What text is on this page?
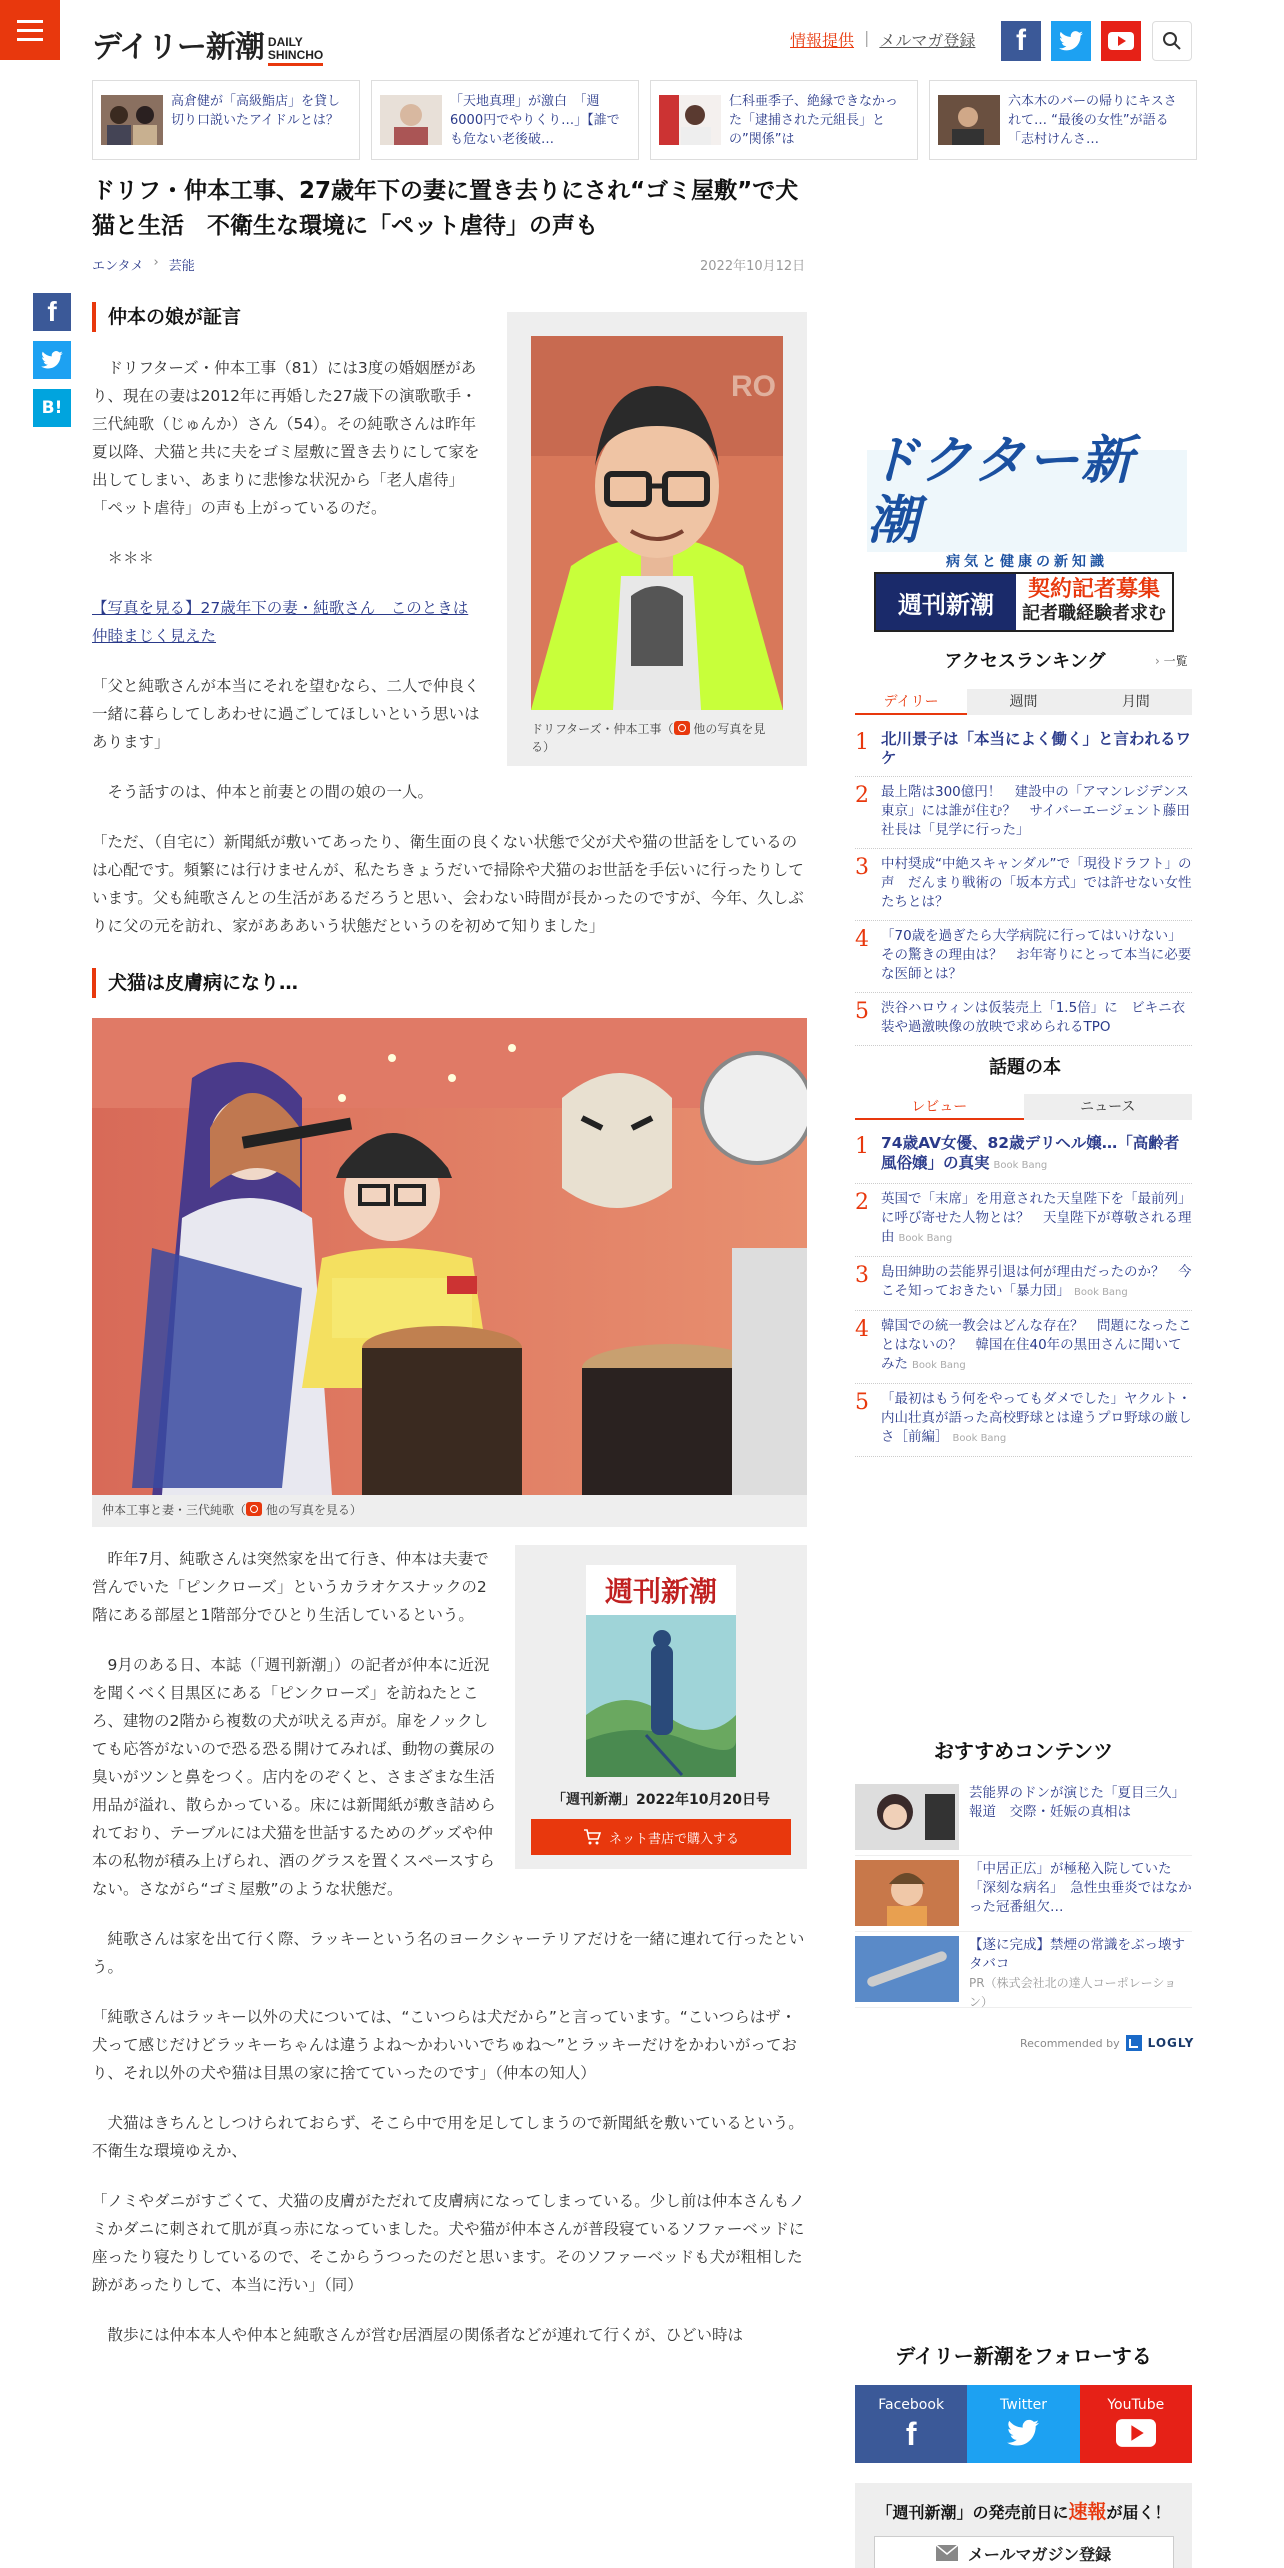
デイリー新潮 DAILY
SHINCHO
情報提供 | メルマガ登録	f
高倉健が「高級鮨店」を貸し切り口説いたアイドルとは？
「天地真理」が激白　「週6000円でやりくり…」【誰でも危ない老後破…
仁科亜季子、絶縁できなかった「逮捕された元組長」との”関係”は
六本木のバーの帰りにキスされて… “最後の女性”が語る「志村けんさ…
ドリフ・仲本工事、27歳年下の妻に置き去りにされ“ゴミ屋敷”で犬猫と生活　不衛生な環境に「ペット虐待」の声も
エンタメ › 芸能	2022年10月12日
f
B!
仲本の娘が証言

ドリフターズ・仲本工事（81）には3度の婚姻歴があり、現在の妻は2012年に再婚した27歳下の演歌歌手・三代純歌（じゅんか）さん（54）。その純歌さんは昨年夏以降、犬猫と共に夫をゴミ屋敷に置き去りにして家を出してしまい、あまりに悲惨な状況から「老人虐待」「ペット虐待」の声も上がっているのだ。

＊＊＊

【写真を見る】27歳年下の妻・純歌さん　このときは仲睦まじく見えた

「父と純歌さんが本当にそれを望むなら、二人で仲良く一緒に暮らしてしあわせに過ごしてほしいという思いはあります」

そう話すのは、仲本と前妻との間の娘の一人。

「ただ、（自宅に）新聞紙が敷いてあったり、衛生面の良くない状態で父が犬や猫の世話をしているのは心配です。頻繁には行けませんが、私たちきょうだいで掃除や犬猫のお世話を手伝いに行ったりしています。父も純歌さんとの生活があるだろうと思い、会わない時間が長かったのですが、今年、久しぶりに父の元を訪れ、家があああいう状態だというのを初めて知りました」

犬猫は皮膚病になり…

仲本工事と妻・三代純歌（ 他の写真を見る）

週刊新潮

「週刊新潮」2022年10月20日号

ネット書店で購入する

昨年7月、純歌さんは突然家を出て行き、仲本は夫妻で営んでいた「ピンクローズ」というカラオケスナックの2階にある部屋と1階部分でひとり生活しているという。

9月のある日、本誌（「週刊新潮」）の記者が仲本に近況を聞くべく目黒区にある「ピンクローズ」を訪ねたところ、建物の2階から複数の犬が吠える声が。扉をノックしても応答がないので恐る恐る開けてみれば、動物の糞尿の臭いがツンと鼻をつく。店内をのぞくと、さまざまな生活用品が溢れ、散らかっている。床には新聞紙が敷き詰められており、テーブルには犬猫を世話するためのグッズや仲本の私物が積み上げられ、酒のグラスを置くスペースすらない。さながら“ゴミ屋敷”のような状態だ。

純歌さんは家を出て行く際、ラッキーという名のヨークシャーテリアだけを一緒に連れて行ったという。

「純歌さんはラッキー以外の犬については、“こいつらは犬だから”と言っています。“こいつらはザ・犬って感じだけどラッキーちゃんは違うよね～かわいいでちゅね～”とラッキーだけをかわいがっており、それ以外の犬や猫は目黒の家に捨てていったのです」（仲本の知人）

犬猫はきちんとしつけられておらず、そこら中で用を足してしまうので新聞紙を敷いているという。不衛生な環境ゆえか、

「ノミやダニがすごくて、犬猫の皮膚がただれて皮膚病になってしまっている。少し前は仲本さんもノミかダニに刺されて肌が真っ赤になっていました。犬や猫が仲本さんが普段寝ているソファーベッドに座ったり寝たりしているので、そこからうつったのだと思います。そのソファーベッドも犬が粗相した跡があったりして、本当に汚い」（同）

散歩には仲本本人や仲本と純歌さんが営む居酒屋の関係者などが連れて行くが、ひどい時は

RO

ドリフターズ・仲本工事（ 他の写真を見る）

ドクター新潮
病気と健康の新知識
週刊新潮	契約記者募集
記者職経験者求む
アクセスランキング	› 一覧
デイリー	週間	月間
1 北川景子は「本当によく働く」と言われるワケ
2 最上階は300億円！　建設中の「アマンレジデンス東京」には誰が住む？　サイバーエージェント藤田社長は「見学に行った」
3 中村奨成“中絶スキャンダル”で「現役ドラフト」の声　だんまり戦術の「坂本方式」では許せない女性たちとは？
4 「70歳を過ぎたら大学病院に行ってはいけない」その驚きの理由は？　お年寄りにとって本当に必要な医師とは？
5 渋谷ハロウィンは仮装売上「1.5倍」に　ビキニ衣装や過激映像の放映で求められるTPO
話題の本
レビュー	ニュース
1 74歳AV女優、82歳デリヘル嬢…「高齢者風俗嬢」の真実 Book Bang
2 英国で「末席」を用意された天皇陛下を「最前列」に呼び寄せた人物とは？　天皇陛下が尊敬される理由 Book Bang
3 島田紳助の芸能界引退は何が理由だったのか？　今こそ知っておきたい「暴力団」 Book Bang
4 韓国での統一教会はどんな存在？　問題になったことはないの？　韓国在住40年の黒田さんに聞いてみた Book Bang
5 「最初はもう何をやってもダメでした」ヤクルト・内山壮真が語った高校野球とは違うプロ野球の厳しさ［前編］ Book Bang
おすすめコンテンツ
芸能界のドンが演じた「夏目三久」報道　交際・妊娠の真相は
「中居正広」が極秘入院していた「深刻な病名」　急性虫垂炎ではなかった冠番組欠…
【遂に完成】禁煙の常識をぶっ壊すタバコ
PR（株式会社北の達人コーポレーション）
Recommended by LOGLY
デイリー新潮をフォローする
Facebook
f
Twitter	YouTube

「週刊新潮」の発売前日に速報が届く！

メールマガジン登録
